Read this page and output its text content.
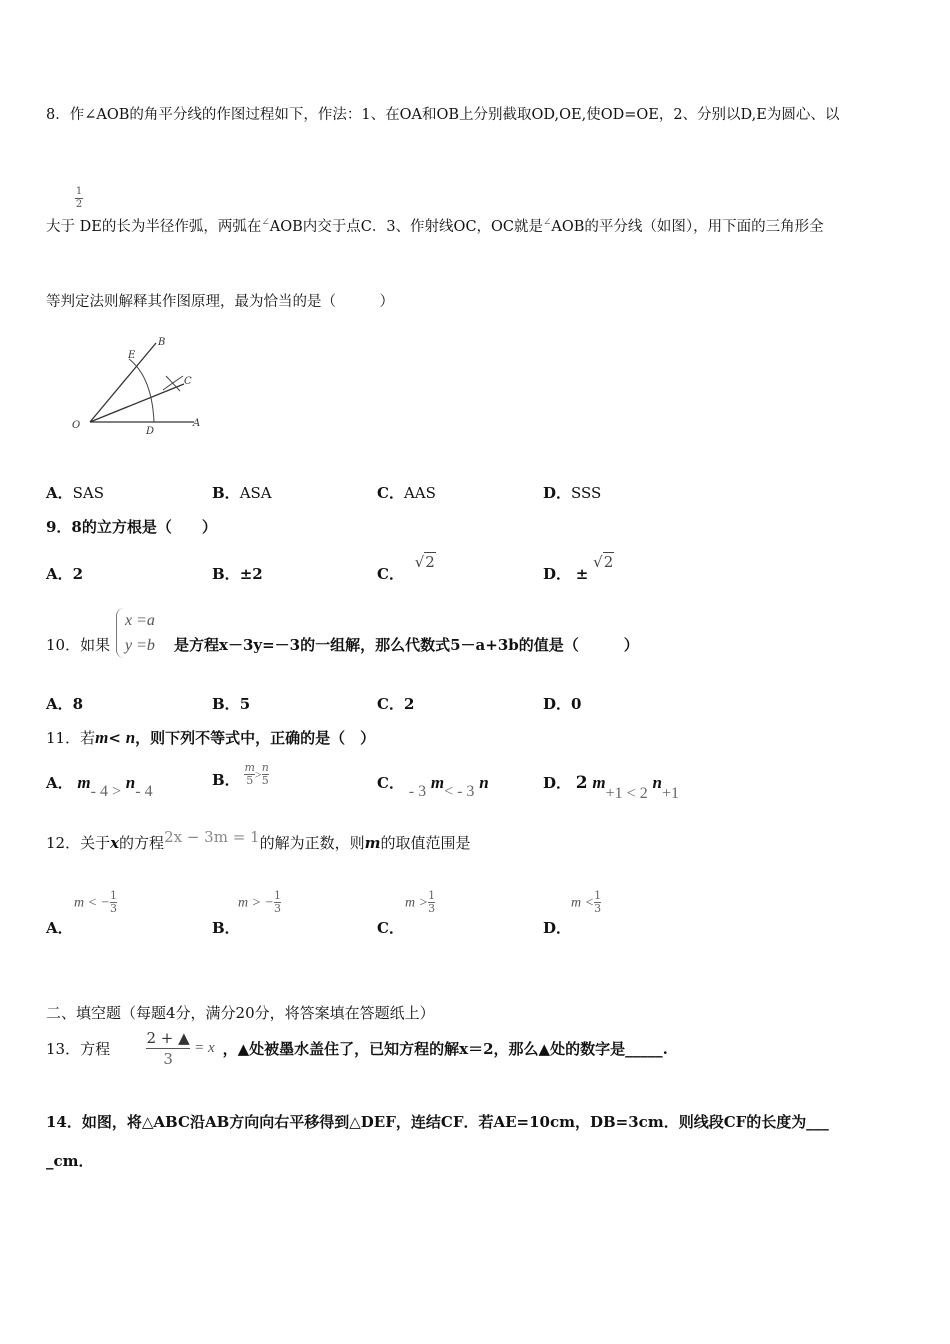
8．作∠AOB的角平分线的作图过程如下，作法：1、在OA和OB上分别截取OD,OE,使OD=OE，2、分别以D,E为圆心、以
1
2
大于 DE的长为半径作弧，两弧在∠AOB内交于点C．3、作射线OC，OC就是∠AOB的平分线（如图），用下面的三角形全
等判定法则解释其作图原理，最为恰当的是（　　　）
O	A
B
C
D
E
A．SAS	B．ASA	C．AAS	D．SSS
9．8的立方根是（　　）
A．2	B．±2	C． √2
D． ± √2
10．如果
x =a
y =b 是方程x－3y=－3的一组解，那么代数式5－a+3b的值是（　　　）
A．8	B．5	C．2	D．0
11．若m< n，则下列不等式中，正确的是（　）
A． m- 4 > n- 4
B． $\frac{m}{5} > \frac{n}{5}$	C． - 3 m< - 3 n	D． 2 m+1 < 2 n+1
12．关于x的方程2x − 3m = 1的解为正数，则m的取值范围是
m < − $\frac{1}{3}$
A．
m > − $\frac{1}{3}$
B．
$m > \frac{1}{3}$
C．
$m < \frac{1}{3}$
D．
二、填空题（每题4分，满分20分，将答案填在答题纸上）
13．方程
2 + ▲
3
= x ，▲处被墨水盖住了，已知方程的解x＝2，那么▲处的数字是_____.
14．如图，将△ABC沿AB方向向右平移得到△DEF，连结CF．若AE=10cm，DB=3cm．则线段CF的长度为___
_cm．
